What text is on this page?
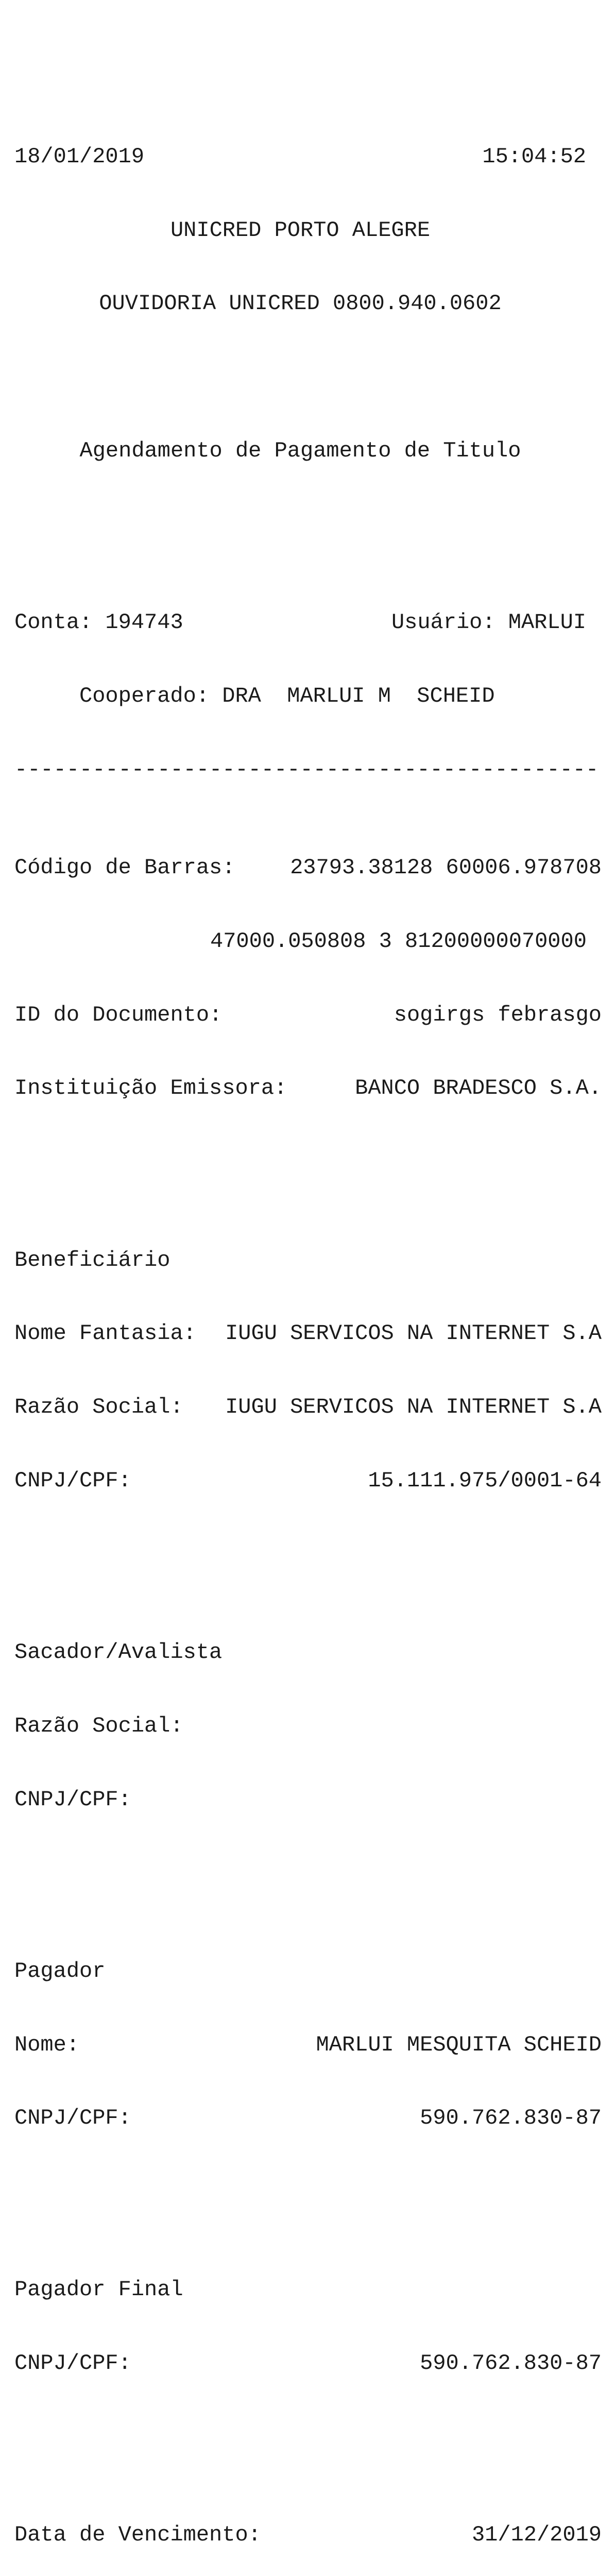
18/01/2019	15:04:52

UNICRED PORTO ALEGRE

OUVIDORIA UNICRED 0800.940.0602

Agendamento de Pagamento de Titulo

Conta: 194743	Usuário: MARLUI

Cooperado: DRA  MARLUI M  SCHEID

---------------------------------------------

Código de Barras:	23793.38128 60006.978708

47000.050808 3 81200000070000

ID do Documento:	sogirgs febrasgo

Instituição Emissora:	BANCO BRADESCO S.A.

Beneficiário

Nome Fantasia: IUGU SERVICOS NA INTERNET S.A

Razão Social: IUGU SERVICOS NA INTERNET S.A

CNPJ/CPF:	15.111.975/0001-64

Sacador/Avalista

Razão Social:

CNPJ/CPF:

Pagador

Nome:	MARLUI MESQUITA SCHEID

CNPJ/CPF:	590.762.830-87

Pagador Final

CNPJ/CPF:	590.762.830-87

Data de Vencimento:	31/12/2019
